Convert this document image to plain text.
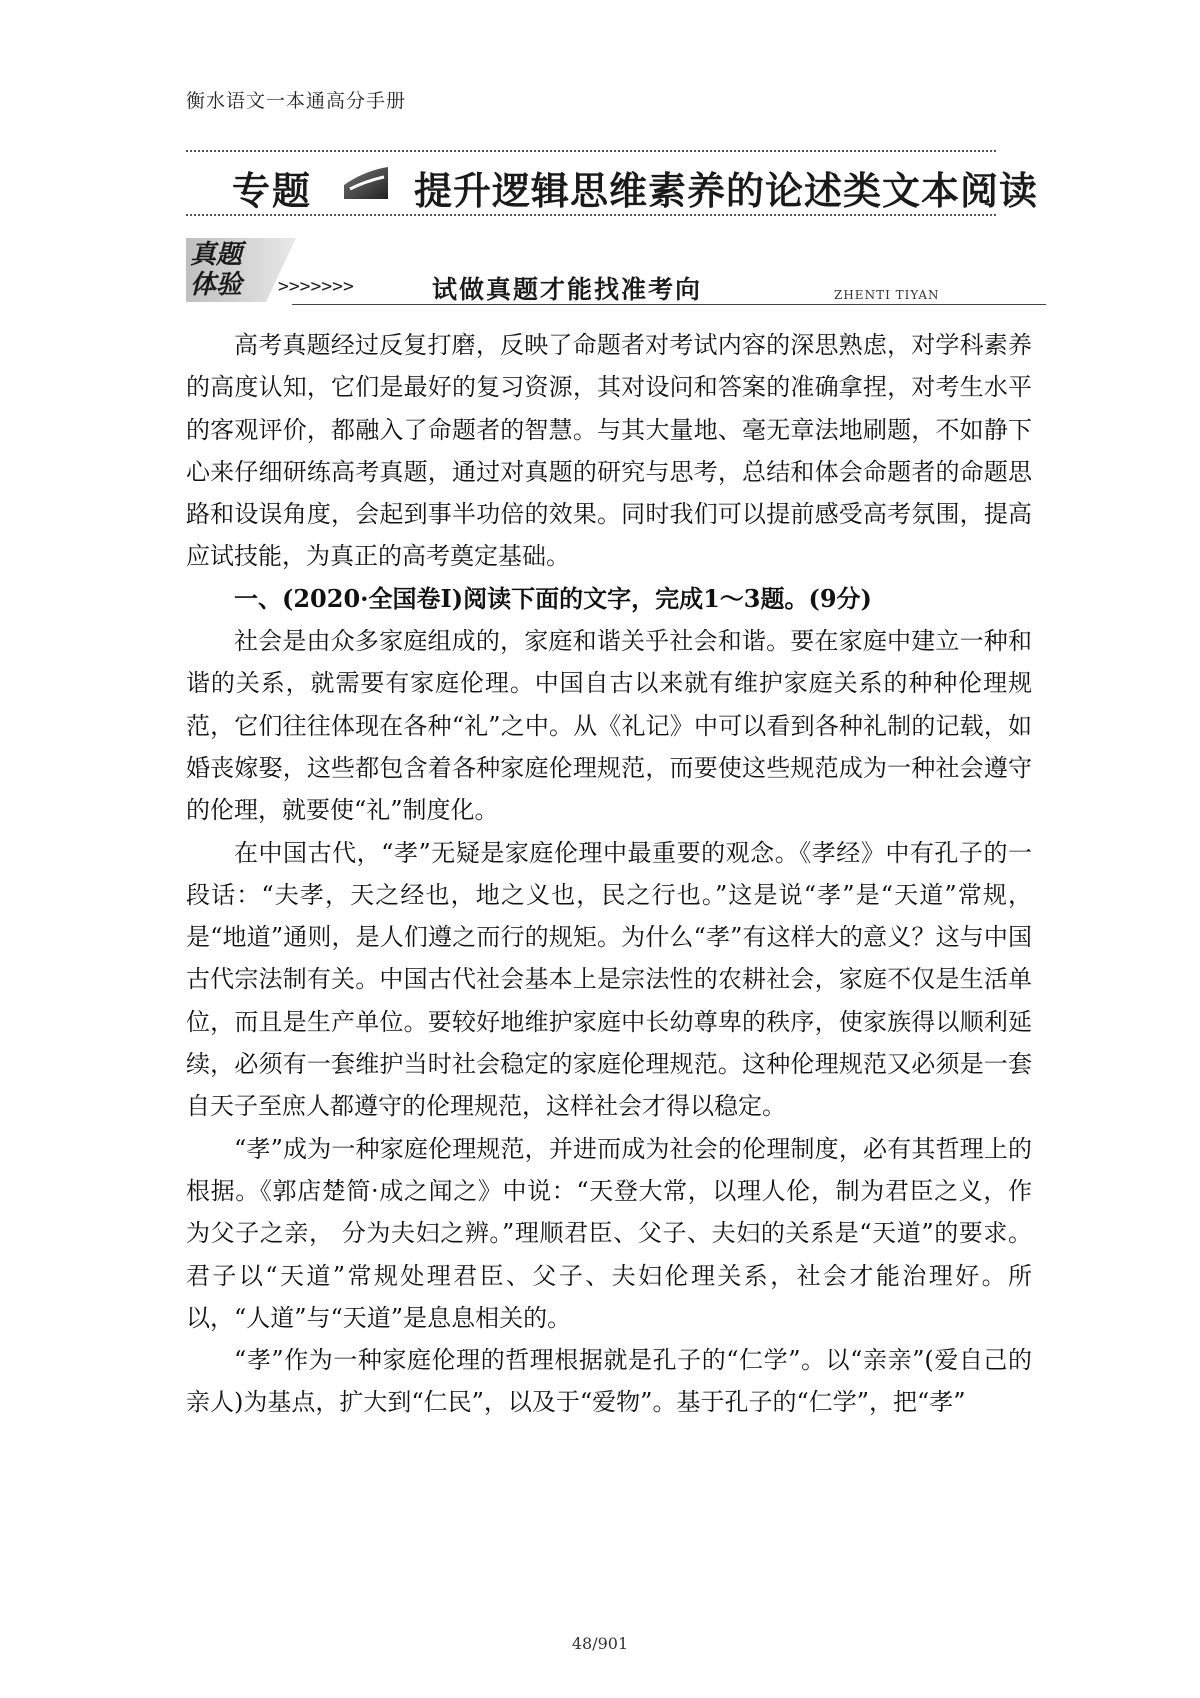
衡水语文一本通高分手册
专题	提升逻辑思维素养的论述类文本阅读
真题
体验 >>>>>>>	试做真题才能找准考向	ZHENTI TIYAN

高考真题经过反复打磨，反映了命题者对考试内容的深思熟虑，对学科素养的高度认知，它们是最好的复习资源，其对设问和答案的准确拿捏，对考生水平的客观评价，都融入了命题者的智慧。与其大量地、毫无章法地刷题，不如静下心来仔细研练高考真题，通过对真题的研究与思考，总结和体会命题者的命题思路和设误角度，会起到事半功倍的效果。同时我们可以提前感受高考氛围，提高应试技能，为真正的高考奠定基础。

一、(2020·全国卷Ⅰ)阅读下面的文字，完成1～3题。(9分)

社会是由众多家庭组成的，家庭和谐关乎社会和谐。要在家庭中建立一种和谐的关系，就需要有家庭伦理。中国自古以来就有维护家庭关系的种种伦理规范，它们往往体现在各种“礼”之中。从《礼记》中可以看到各种礼制的记载，如婚丧嫁娶，这些都包含着各种家庭伦理规范，而要使这些规范成为一种社会遵守的伦理，就要使“礼”制度化。

在中国古代，“孝”无疑是家庭伦理中最重要的观念。《孝经》中有孔子的一段话：“夫孝，天之经也，地之义也，民之行也。”这是说“孝”是“天道”常规，是“地道”通则，是人们遵之而行的规矩。为什么“孝”有这样大的意义？这与中国古代宗法制有关。中国古代社会基本上是宗法性的农耕社会，家庭不仅是生活单位，而且是生产单位。要较好地维护家庭中长幼尊卑的秩序，使家族得以顺利延续，必须有一套维护当时社会稳定的家庭伦理规范。这种伦理规范又必须是一套自天子至庶人都遵守的伦理规范，这样社会才得以稳定。

“孝”成为一种家庭伦理规范，并进而成为社会的伦理制度，必有其哲理上的根据。《郭店楚简·成之闻之》中说：“天登大常，以理人伦，制为君臣之义，作为父子之亲， 分为夫妇之辨。”理顺君臣、父子、夫妇的关系是“天道”的要求。君子以“天道”常规处理君臣、父子、夫妇伦理关系，社会才能治理好。所以，“人道”与“天道”是息息相关的。

“孝”作为一种家庭伦理的哲理根据就是孔子的“仁学”。以“亲亲”(爱自己的亲人)为基点，扩大到“仁民”，以及于“爱物”。基于孔子的“仁学”，把“孝”

48/901
